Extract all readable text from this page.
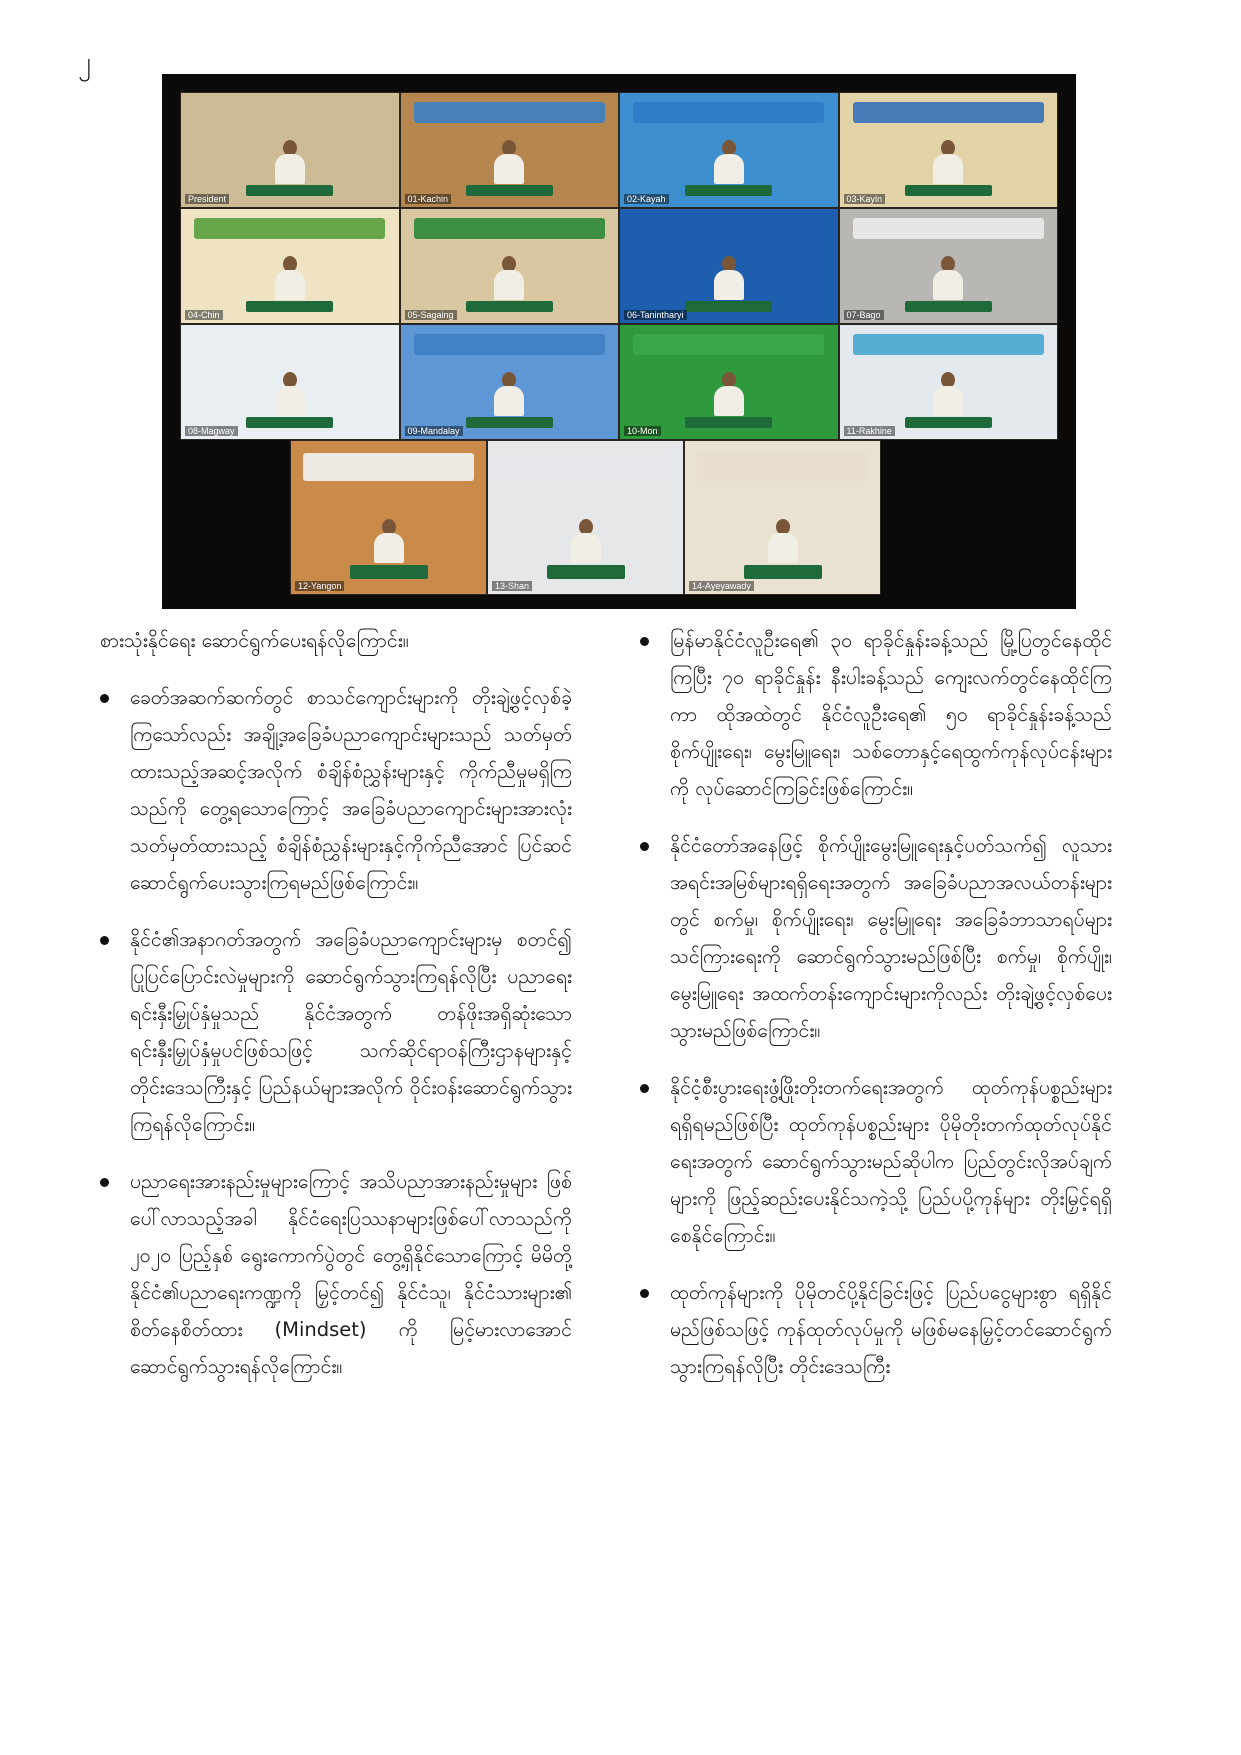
၂
President	01-Kachin	02-Kayah	03-Kayin
04-Chin	05-Sagaing	06-Tanintharyi	07-Bago
08-Magway	09-Mandalay	10-Mon	11-Rakhine
12-Yangon	13-Shan	14-Ayeyawady

စားသုံးနိုင်ရေး ဆောင်ရွက်ပေးရန်လိုကြောင်း။

ခေတ်အဆက်ဆက်တွင် စာသင်ကျောင်းများကို တိုးချဲ့ဖွင့်လှစ်ခဲ့ကြသော်လည်း အချို့အခြေခံပညာကျောင်းများသည် သတ်မှတ်ထားသည့်အဆင့်အလိုက် စံချိန်စံညွှန်းများနှင့် ကိုက်ညီမှုမရှိကြသည်ကို တွေ့ရသောကြောင့် အခြေခံပညာကျောင်းများအားလုံး သတ်မှတ်ထားသည့် စံချိန်စံညွှန်းများနှင့်ကိုက်ညီအောင် ပြင်ဆင်ဆောင်ရွက်ပေးသွားကြရမည်ဖြစ်ကြောင်း။
နိုင်ငံ၏အနာဂတ်အတွက် အခြေခံပညာကျောင်းများမှ စတင်၍ ပြုပြင်ပြောင်းလဲမှုများကို ဆောင်ရွက်သွားကြရန်လိုပြီး ပညာရေးရင်းနှီးမြှုပ်နှံမှုသည် နိုင်ငံအတွက် တန်ဖိုးအရှိဆုံးသော ရင်းနှီးမြှုပ်နှံမှုပင်ဖြစ်သဖြင့် သက်ဆိုင်ရာဝန်ကြီးဌာနများနှင့် တိုင်းဒေသကြီးနှင့် ပြည်နယ်များအလိုက် ဝိုင်းဝန်းဆောင်ရွက်သွားကြရန်လိုကြောင်း။
ပညာရေးအားနည်းမှုများကြောင့် အသိပညာအားနည်းမှုများ ဖြစ်ပေါ်လာသည့်အခါ နိုင်ငံရေးပြဿနာများဖြစ်ပေါ်လာသည်ကို ၂၀၂၀ ပြည့်နှစ် ရွေးကောက်ပွဲတွင် တွေ့ရှိနိုင်သောကြောင့် မိမိတို့နိုင်ငံ၏ပညာရေးကဏ္ဍကို မြှင့်တင်၍ နိုင်ငံသူ၊ နိုင်ငံသားများ၏ စိတ်နေစိတ်ထား (Mindset) ကို မြင့်မားလာအောင် ဆောင်ရွက်သွားရန်လိုကြောင်း။
မြန်မာနိုင်ငံလူဦးရေ၏ ၃၀ ရာခိုင်နှုန်းခန့်သည် မြို့ပြတွင်နေထိုင်ကြပြီး ၇၀ ရာခိုင်နှုန်း နီးပါးခန့်သည် ကျေးလက်တွင်နေထိုင်ကြကာ ထိုအထဲတွင် နိုင်ငံလူဦးရေ၏ ၅၀ ရာခိုင်နှုန်းခန့်သည် စိုက်ပျိုးရေး၊ မွေးမြူရေး၊ သစ်တောနှင့်ရေထွက်ကုန်လုပ်ငန်းများကို လုပ်ဆောင်ကြခြင်းဖြစ်ကြောင်း။
နိုင်ငံတော်အနေဖြင့် စိုက်ပျိုးမွေးမြူရေးနှင့်ပတ်သက်၍ လူသားအရင်းအမြစ်များရရှိရေးအတွက် အခြေခံပညာအလယ်တန်းများတွင် စက်မှု၊ စိုက်ပျိုးရေး၊ မွေးမြူရေး အခြေခံဘာသာရပ်များသင်ကြားရေးကို ဆောင်ရွက်သွားမည်ဖြစ်ပြီး စက်မှု၊ စိုက်ပျိုး၊ မွေးမြူရေး အထက်တန်းကျောင်းများကိုလည်း တိုးချဲ့ဖွင့်လှစ်ပေးသွားမည်ဖြစ်ကြောင်း။
နိုင်ငံ့စီးပွားရေးဖွံ့ဖြိုးတိုးတက်ရေးအတွက် ထုတ်ကုန်ပစ္စည်းများရရှိရမည်ဖြစ်ပြီး ထုတ်ကုန်ပစ္စည်းများ ပိုမိုတိုးတက်ထုတ်လုပ်နိုင်ရေးအတွက် ဆောင်ရွက်သွားမည်ဆိုပါက ပြည်တွင်းလိုအပ်ချက်များကို ဖြည့်ဆည်းပေးနိုင်သကဲ့သို့ ပြည်ပပို့ကုန်များ တိုးမြှင့်ရရှိစေနိုင်ကြောင်း။
ထုတ်ကုန်များကို ပိုမိုတင်ပို့နိုင်ခြင်းဖြင့် ပြည်ပငွေများစွာ ရရှိနိုင်မည်ဖြစ်သဖြင့် ကုန်ထုတ်လုပ်မှုကို မဖြစ်မနေမြှင့်တင်ဆောင်ရွက်သွားကြရန်လိုပြီး တိုင်းဒေသကြီး
